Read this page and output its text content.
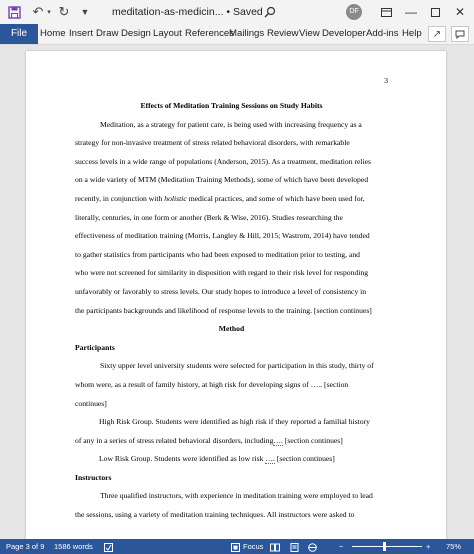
↶ ▾ ↻ ▼ meditation-as-medicin... • Saved	DF	—	✕
File	Home Insert Draw Design Layout References
Mailings Review View Developer Add-ins Help	↗
3
Effects of Meditation Training Sessions on Study Habits
Meditation, as a strategy for patient care, is being used with increasing frequency as a
strategy for non-invasive treatment of stress related behavioral disorders, with remarkable
success levels in a wide range of populations (Anderson, 2015). As a treatment, meditation relies
on a wide variety of MTM (Meditation Training Methods), some of which have been developed
recently, in conjunction with holistic medical practices, and some of which have been used for,
literally, centuries, in one form or another (Berk & Wise, 2016). Studies researching the
effectiveness of meditation training (Morris, Langley & Hill, 2015; Wastrom, 2014) have tended
to gather statistics from participants who had been exposed to meditation prior to testing, and
who were not screened for similarity in disposition with regard to their risk level for responding
unfavorably or favorably to stress levels. Our study hopes to introduce a level of consistency in
the participants backgrounds and likelihood of response levels to the training. [section continues]
Method
Participants
Sixty upper level university students were selected for participation in this study, thirty of
whom were, as a result of family history, at high risk for developing signs of ….. [section
continues]
High Risk Group. Students were identified as high risk if they reported a familial history
of any in a series of stress related behavioral disorders, including…. [section continues]
Low Risk Group. Students were identified as low risk …. [section continues]
Instructors
Three qualified instructors, with experience in meditation training were employed to lead
the sessions, using a variety of meditation training techniques. All instructors were asked to
Page 3 of 9 1586 words	Focus	−	+ 75%
